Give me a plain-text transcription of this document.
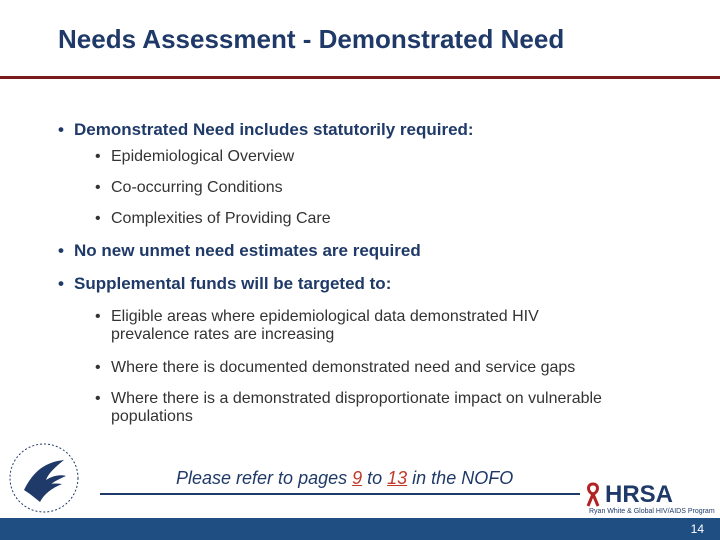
Needs Assessment - Demonstrated Need
• Demonstrated Need includes statutorily required:
• Epidemiological Overview
• Co-occurring Conditions
• Complexities of Providing Care
• No new unmet need estimates are required
• Supplemental funds will be targeted to:
• Eligible areas where epidemiological data demonstrated HIV prevalence rates are increasing
• Where there is documented demonstrated need and service gaps
• Where there is a demonstrated disproportionate impact on vulnerable populations
Please refer to pages 9 to 13 in the NOFO
HRSA
Ryan White & Global HIV/AIDS Program
14
